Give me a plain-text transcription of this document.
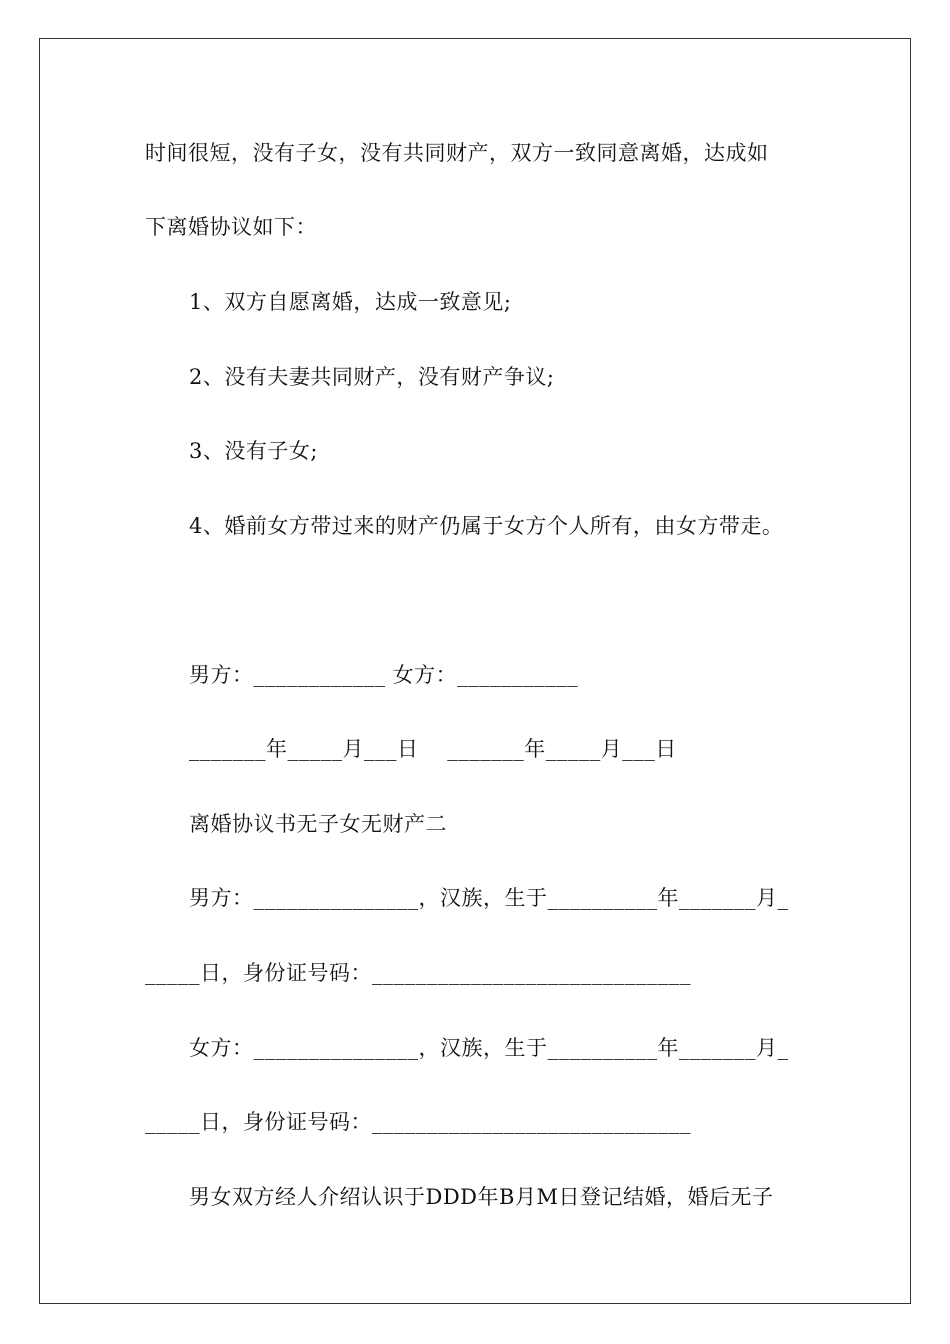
时间很短，没有子女，没有共同财产，双方一致同意离婚，达成如
下离婚协议如下：
1、双方自愿离婚，达成一致意见;
2、没有夫妻共同财产，没有财产争议;
3、没有子女;
4、婚前女方带过来的财产仍属于女方个人所有，由女方带走。
男方：____________ 女方：___________
_______年_____月___日    _______年_____月___日
离婚协议书无子女无财产二
男方：_______________，汉族，生于__________年_______月_
_____日，身份证号码：_____________________________
女方：_______________，汉族，生于__________年_______月_
_____日，身份证号码：_____________________________
男女双方经人介绍认识于DDD年B月M日登记结婚，婚后无子
